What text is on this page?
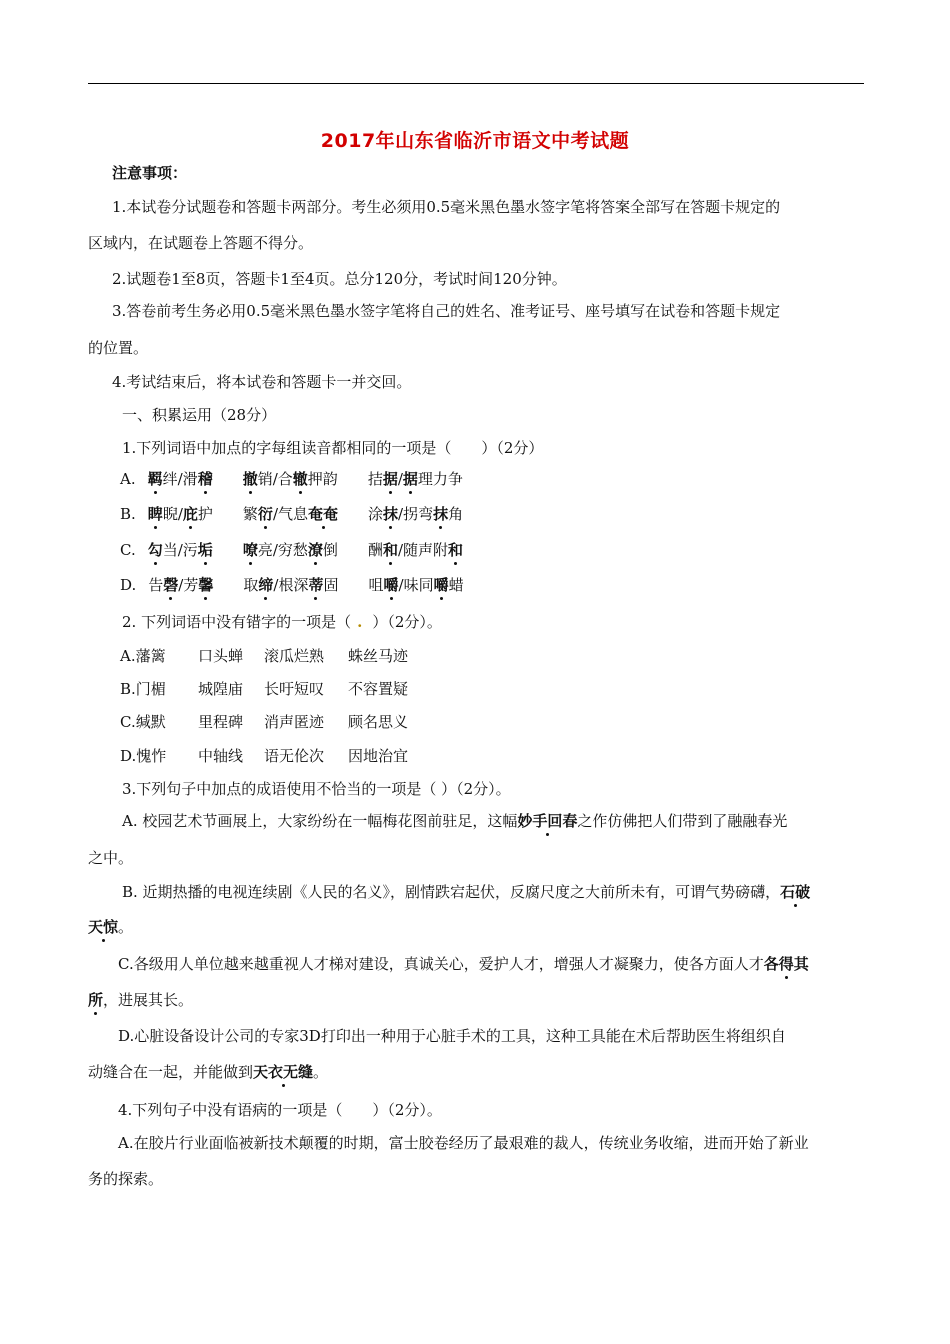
2017年山东省临沂市语文中考试题
注意事项：
1.本试卷分试题卷和答题卡两部分。考生必须用0.5毫米黑色墨水签字笔将答案全部写在答题卡规定的
区域内，在试题卷上答题不得分。
2.试题卷1至8页，答题卡1至4页。总分120分，考试时间120分钟。
3.答卷前考生务必用0.5毫米黑色墨水签字笔将自己的姓名、准考证号、座号填写在试卷和答题卡规定
的位置。
4.考试结束后，将本试卷和答题卡一并交回。
一、积累运用（28分）
1.下列词语中加点的字每组读音都相同的一项是（　　）（2分）
A. 羁绊/滑稽 撤销/合辙押韵 拮据/据理力争
B. 睥睨/庇护 繁衍/气息奄奄 涂抹/拐弯抹角
C. 勾当/污垢 嘹亮/穷愁潦倒 酬和/随声附和
D. 告磬/芳馨 取缔/根深蒂固 咀嚼/味同嚼蜡
2. 下列词语中没有错字的一项是（ . ）（2分）。
A.藩篱 口头蝉 滚瓜烂熟 蛛丝马迹
B.门楣 城隍庙 长吁短叹 不容置疑
C.缄默 里程碑 消声匿迹 顾名思义
D.愧怍 中轴线 语无伦次 因地治宜
3.下列句子中加点的成语使用不恰当的一项是（ ）（2分）。
A. 校园艺术节画展上，大家纷纷在一幅梅花图前驻足，这幅妙手回春之作仿佛把人们带到了融融春光
之中。
B. 近期热播的电视连续剧《人民的名义》，剧情跌宕起伏，反腐尺度之大前所未有，可谓气势磅礴，石破
天惊。
C.各级用人单位越来越重视人才梯对建设，真诚关心，爱护人才，增强人才凝聚力，使各方面人才各得其
所，进展其长。
D.心脏设备设计公司的专家3D打印出一种用于心脏手术的工具，这种工具能在术后帮助医生将组织自
动缝合在一起，并能做到天衣无缝。
4.下列句子中没有语病的一项是（　　）（2分）。
A.在胶片行业面临被新技术颠覆的时期，富士胶卷经历了最艰难的裁人，传统业务收缩，进而开始了新业
务的探索。
